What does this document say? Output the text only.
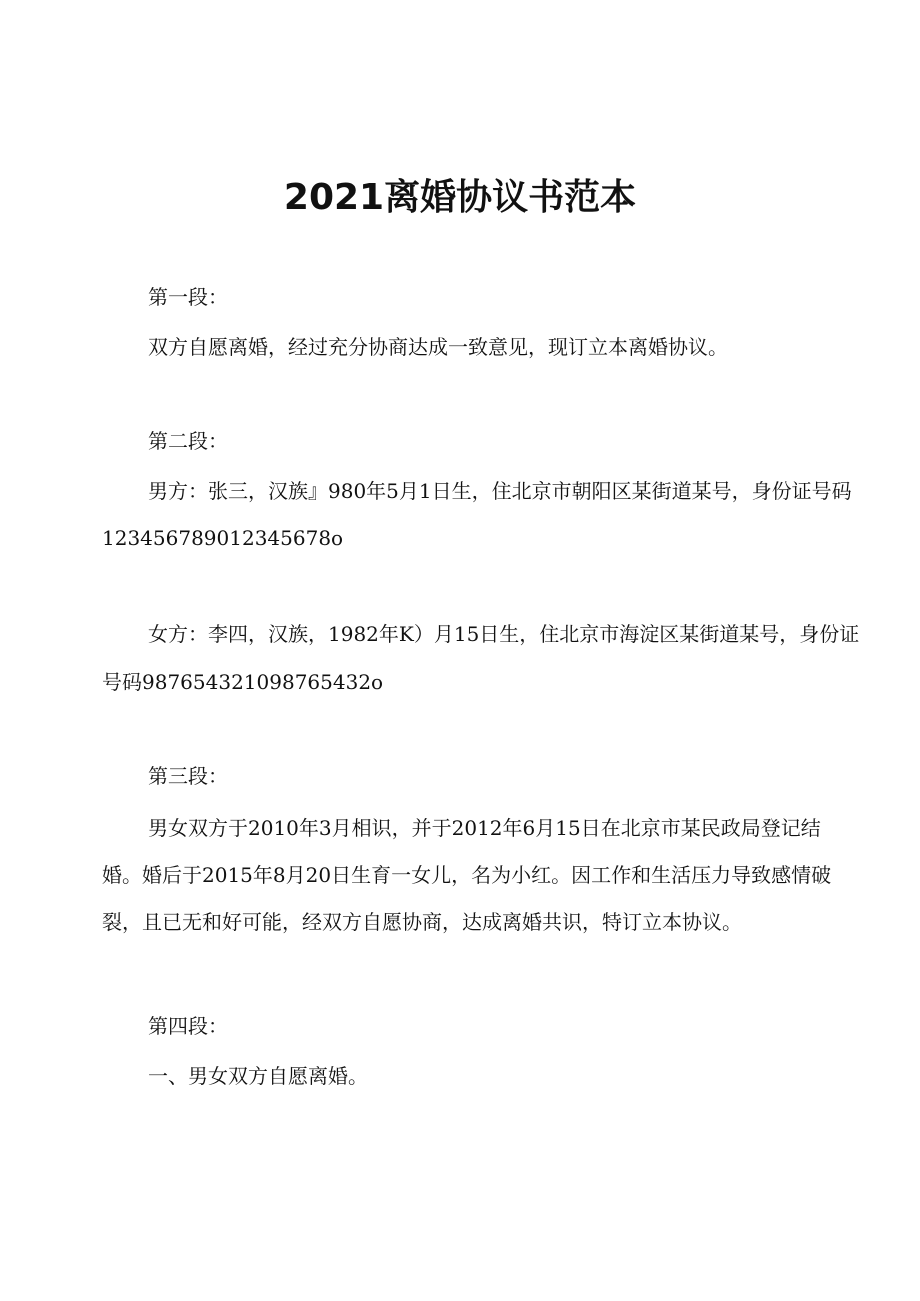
2021离婚协议书范本
第一段：
双方自愿离婚，经过充分协商达成一致意见，现订立本离婚协议。
第二段：
男方：张三，汉族』980年5月1日生，住北京市朝阳区某街道某号，身份证号码
123456789012345678o
女方：李四，汉族，1982年K）月15日生，住北京市海淀区某街道某号，身份证
号码987654321098765432o
第三段：
男女双方于2010年3月相识，并于2012年6月15日在北京市某民政局登记结
婚。婚后于2015年8月20日生育一女儿，名为小红。因工作和生活压力导致感情破
裂，且已无和好可能，经双方自愿协商，达成离婚共识，特订立本协议。
第四段：
一、男女双方自愿离婚。
